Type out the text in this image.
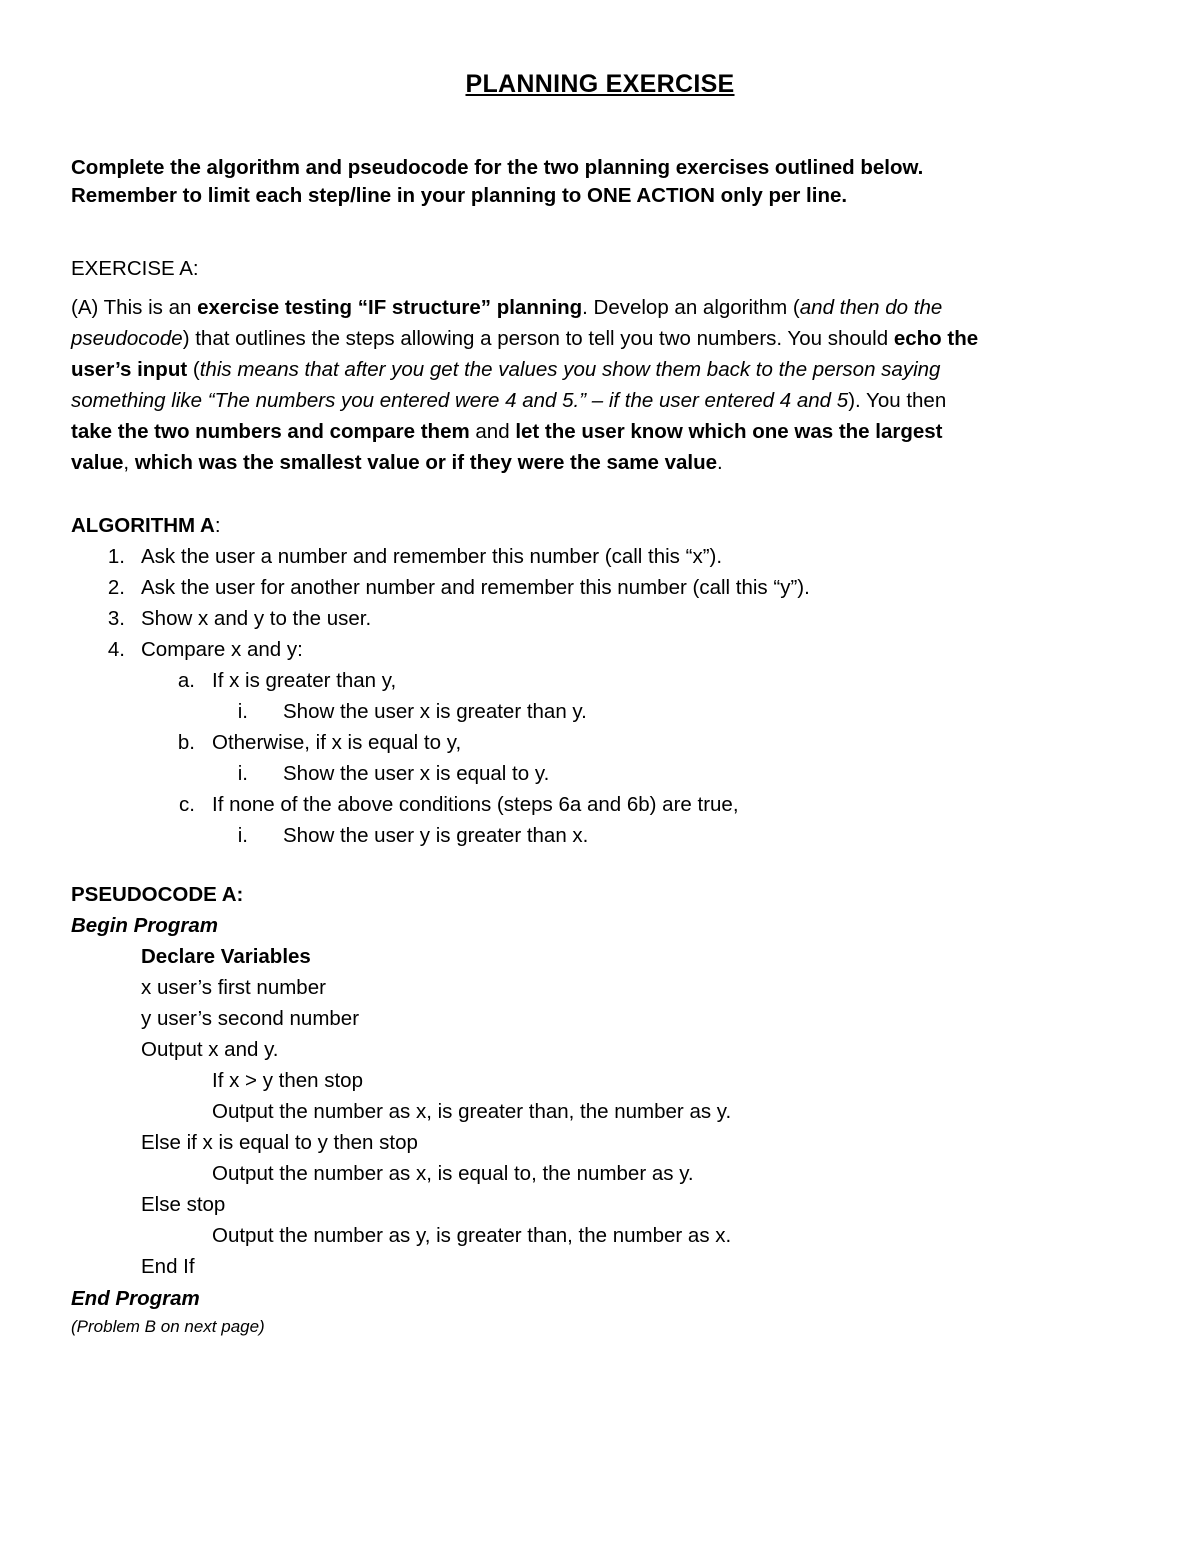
PLANNING EXERCISE
Complete the algorithm and pseudocode for the two planning exercises outlined below.
Remember to limit each step/line in your planning to ONE ACTION only per line.
EXERCISE A:
(A) This is an exercise testing “IF structure” planning. Develop an algorithm (and then do the
pseudocode) that outlines the steps allowing a person to tell you two numbers. You should echo the
user’s input (this means that after you get the values you show them back to the person saying
something like “The numbers you entered were 4 and 5.” – if the user entered 4 and 5). You then
take the two numbers and compare them and let the user know which one was the largest
value, which was the smallest value or if they were the same value.
ALGORITHM A:
1. Ask the user a number and remember this number (call this “x”).
2. Ask the user for another number and remember this number (call this “y”).
3. Show x and y to the user.
4. Compare x and y:
a. If x is greater than y,
i. Show the user x is greater than y.
b. Otherwise, if x is equal to y,
i. Show the user x is equal to y.
c. If none of the above conditions (steps 6a and 6b) are true,
i. Show the user y is greater than x.
PSEUDOCODE A:
Begin Program
Declare Variables
x user’s first number
y user’s second number
Output x and y.
If x > y then stop
Output the number as x, is greater than, the number as y.
Else if x is equal to y then stop
Output the number as x, is equal to, the number as y.
Else stop
Output the number as y, is greater than, the number as x.
End If
End Program
(Problem B on next page)
